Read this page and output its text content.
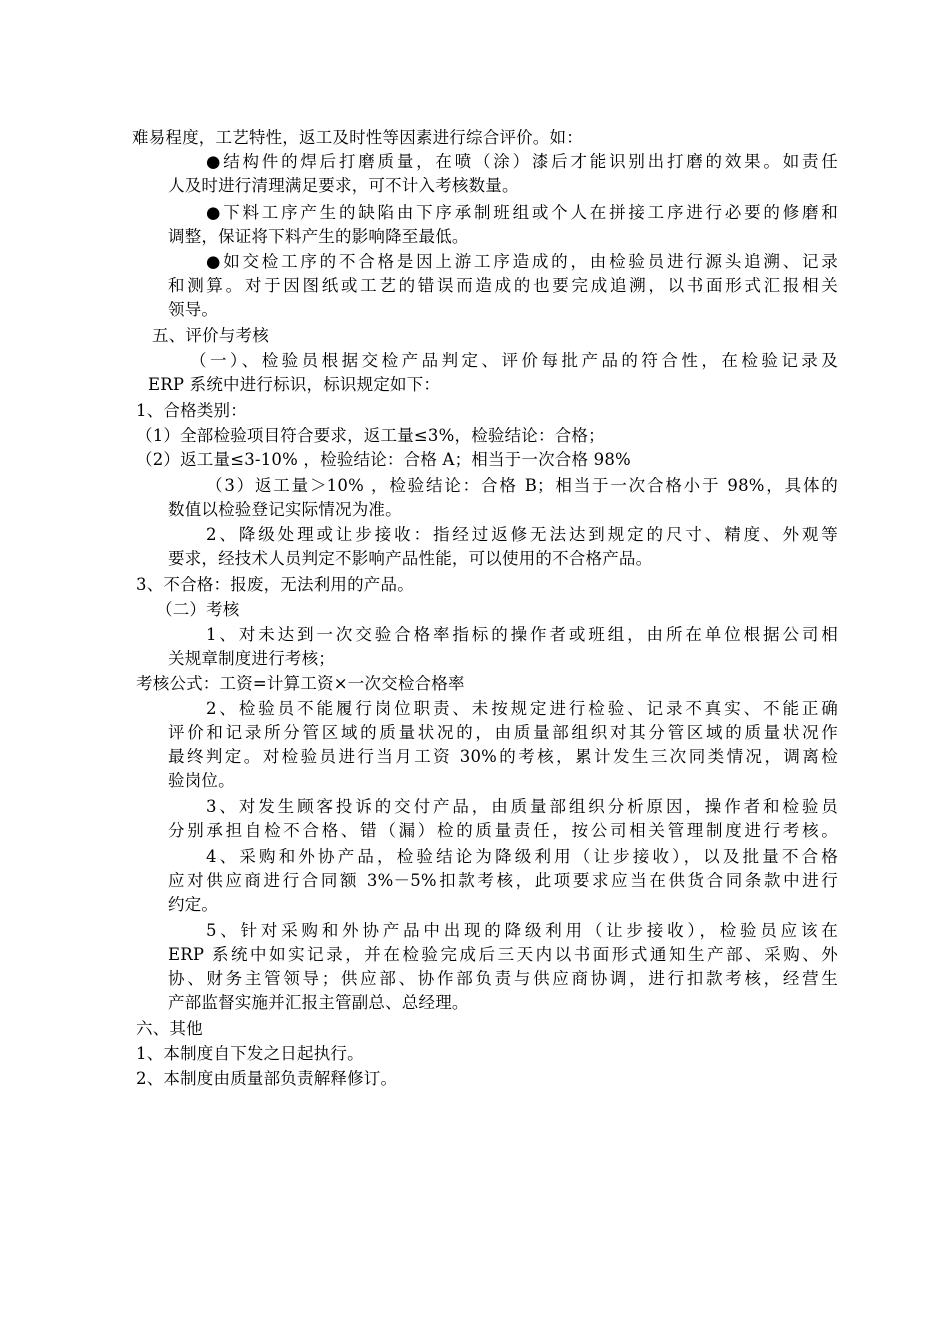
难易程度，工艺特性，返工及时性等因素进行综合评价。如：
●结构件的焊后打磨质量，在喷（涂）漆后才能识别出打磨的效果。如责任
人及时进行清理满足要求，可不计入考核数量。
●下料工序产生的缺陷由下序承制班组或个人在拼接工序进行必要的修磨和
调整，保证将下料产生的影响降至最低。
●如交检工序的不合格是因上游工序造成的，由检验员进行源头追溯、记录
和测算。对于因图纸或工艺的错误而造成的也要完成追溯，以书面形式汇报相关
领导。
五、评价与考核
（一）、检验员根据交检产品判定、评价每批产品的符合性，在检验记录及
ERP 系统中进行标识，标识规定如下：
1、合格类别：
（1）全部检验项目符合要求，返工量≤3%，检验结论：合格；
（2）返工量≤3-10% ，检验结论：合格 A；相当于一次合格 98%
（3）返工量＞10% ，检验结论：合格 B；相当于一次合格小于 98%，具体的
数值以检验登记实际情况为准。
2、降级处理或让步接收：指经过返修无法达到规定的尺寸、精度、外观等
要求，经技术人员判定不影响产品性能，可以使用的不合格产品。
3、不合格：报废，无法利用的产品。
（二）考核
1、对未达到一次交验合格率指标的操作者或班组，由所在单位根据公司相
关规章制度进行考核；
考核公式：工资=计算工资×一次交检合格率
2、检验员不能履行岗位职责、未按规定进行检验、记录不真实、不能正确
评价和记录所分管区域的质量状况的，由质量部组织对其分管区域的质量状况作
最终判定。对检验员进行当月工资 30%的考核，累计发生三次同类情况，调离检
验岗位。
3、对发生顾客投诉的交付产品，由质量部组织分析原因，操作者和检验员
分别承担自检不合格、错（漏）检的质量责任，按公司相关管理制度进行考核。
4、采购和外协产品，检验结论为降级利用（让步接收），以及批量不合格
应对供应商进行合同额 3%－5%扣款考核，此项要求应当在供货合同条款中进行
约定。
5、针对采购和外协产品中出现的降级利用（让步接收），检验员应该在
ERP 系统中如实记录，并在检验完成后三天内以书面形式通知生产部、采购、外
协、财务主管领导；供应部、协作部负责与供应商协调，进行扣款考核，经营生
产部监督实施并汇报主管副总、总经理。
六、其他
1、本制度自下发之日起执行。
2、本制度由质量部负责解释修订。
